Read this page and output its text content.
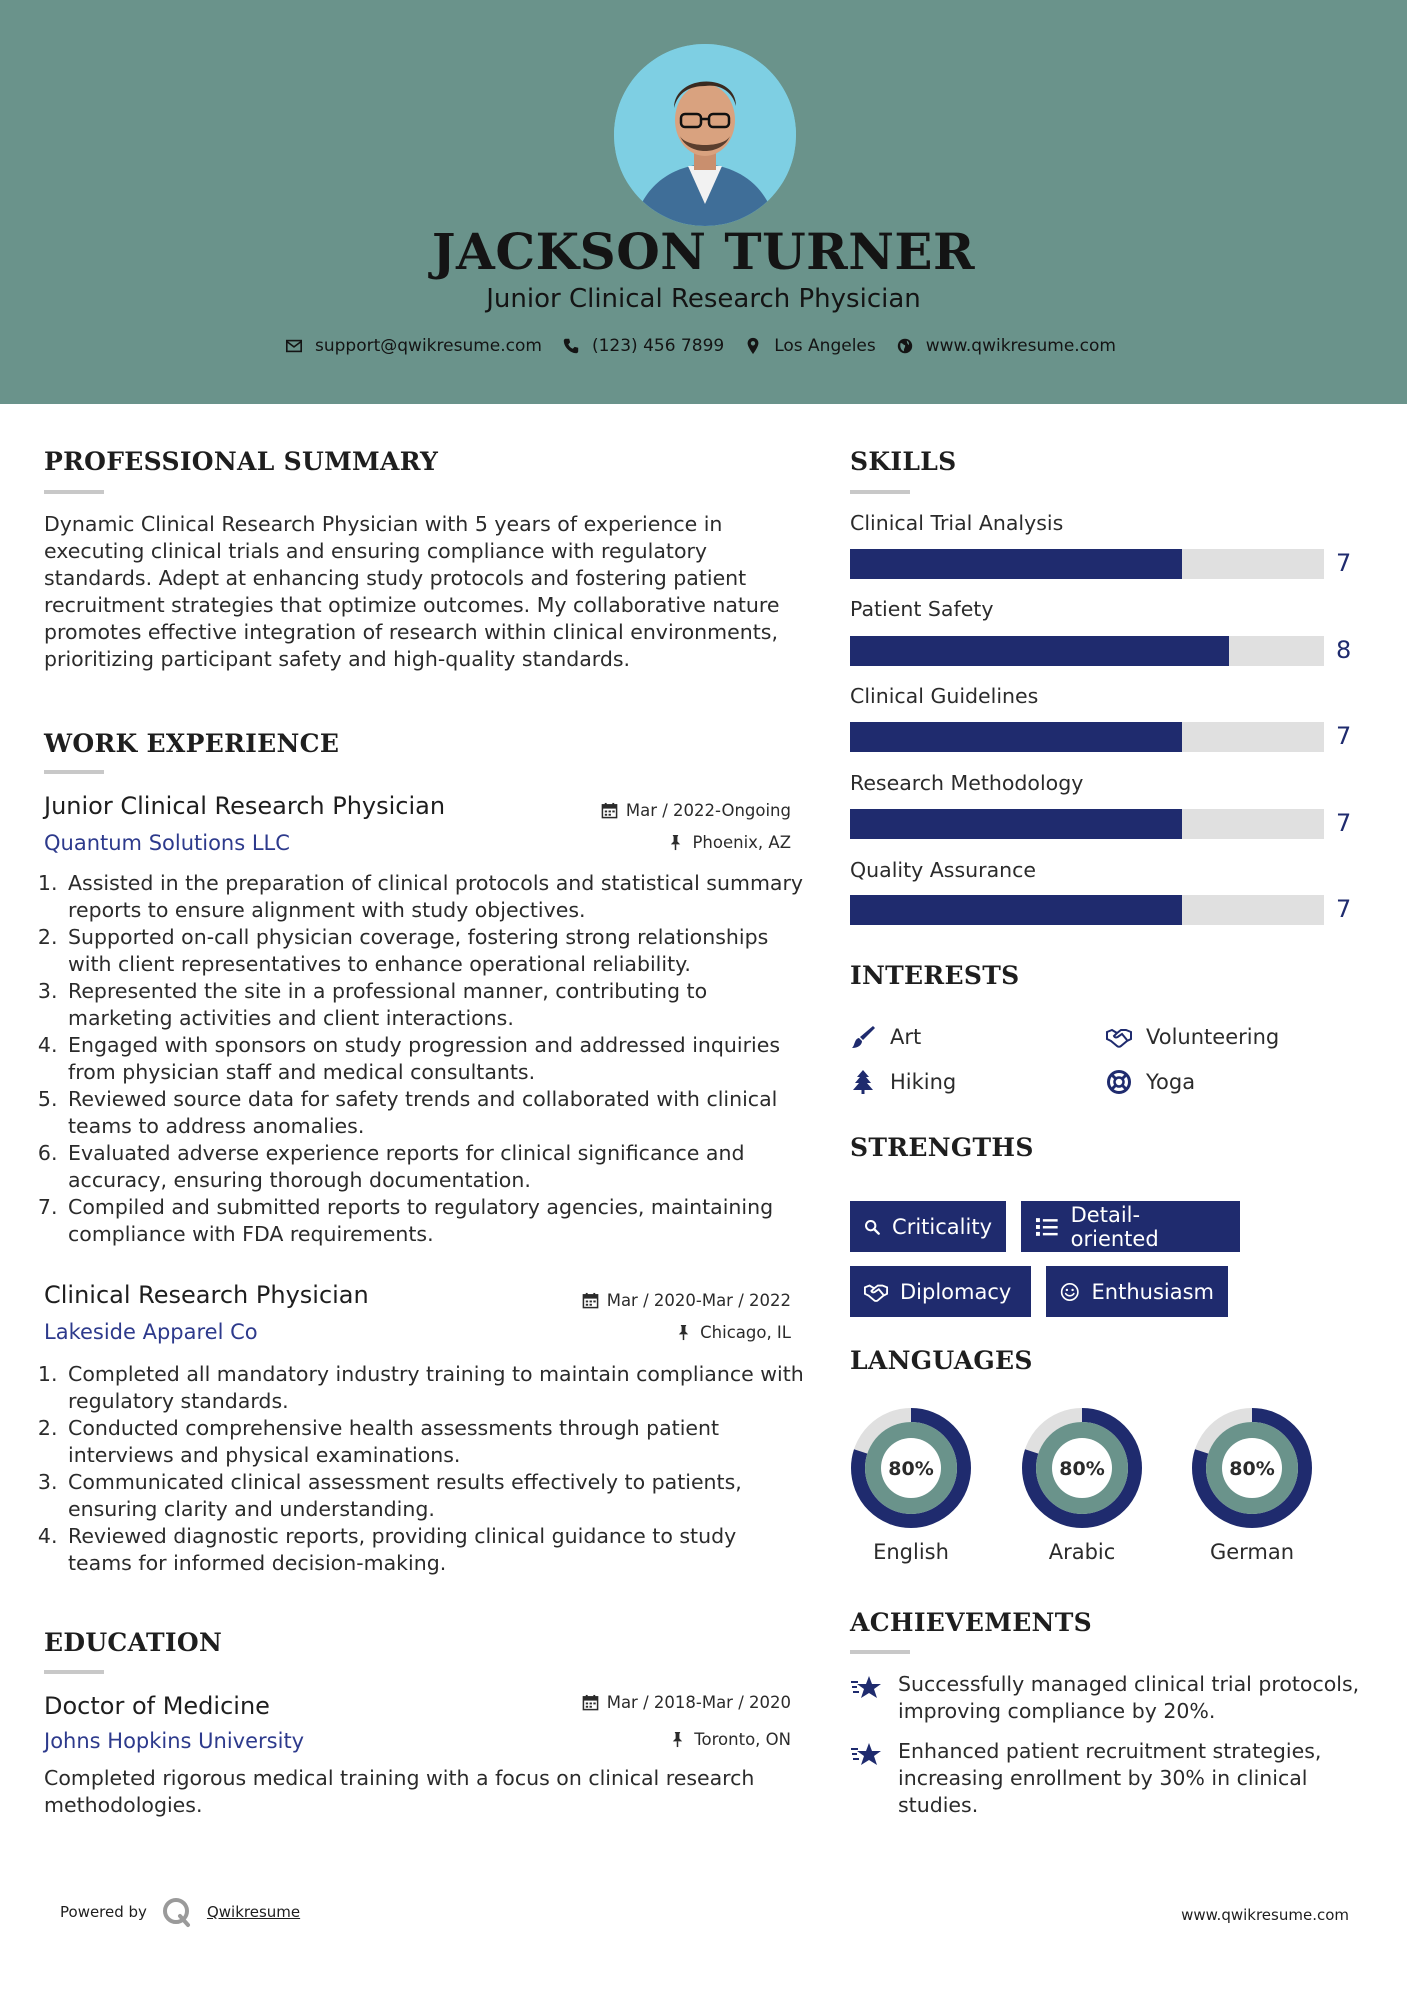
JACKSON TURNER
Junior Clinical Research Physician
support@qwikresume.com	(123) 456 7899	Los Angeles	www.qwikresume.com
PROFESSIONAL SUMMARY
Dynamic Clinical Research Physician with 5 years of experience in executing clinical trials and ensuring compliance with regulatory standards. Adept at enhancing study protocols and fostering patient recruitment strategies that optimize outcomes. My collaborative nature promotes effective integration of research within clinical environments, prioritizing participant safety and high-quality standards.
WORK EXPERIENCE
Junior Clinical Research Physician	Mar / 2022-Ongoing
Quantum Solutions LLC	Phoenix, AZ
1. Assisted in the preparation of clinical protocols and statistical summary reports to ensure alignment with study objectives.
2. Supported on-call physician coverage, fostering strong relationships with client representatives to enhance operational reliability.
3. Represented the site in a professional manner, contributing to marketing activities and client interactions.
4. Engaged with sponsors on study progression and addressed inquiries from physician staff and medical consultants.
5. Reviewed source data for safety trends and collaborated with clinical teams to address anomalies.
6. Evaluated adverse experience reports for clinical significance and accuracy, ensuring thorough documentation.
7. Compiled and submitted reports to regulatory agencies, maintaining compliance with FDA requirements.
Clinical Research Physician	Mar / 2020-Mar / 2022
Lakeside Apparel Co	Chicago, IL
1. Completed all mandatory industry training to maintain compliance with regulatory standards.
2. Conducted comprehensive health assessments through patient interviews and physical examinations.
3. Communicated clinical assessment results effectively to patients, ensuring clarity and understanding.
4. Reviewed diagnostic reports, providing clinical guidance to study teams for informed decision-making.
EDUCATION
Doctor of Medicine	Mar / 2018-Mar / 2020
Johns Hopkins University	Toronto, ON
Completed rigorous medical training with a focus on clinical research methodologies.
SKILLS
Clinical Trial Analysis
7
Patient Safety
8
Clinical Guidelines
7
Research Methodology
7
Quality Assurance
7
INTERESTS
Art	Volunteering
Hiking	Yoga
STRENGTHS
Criticality	Detail-oriented
Diplomacy	Enthusiasm
LANGUAGES
80%
English
80%
Arabic
80%
German
ACHIEVEMENTS
Successfully managed clinical trial protocols, improving compliance by 20%.
Enhanced patient recruitment strategies, increasing enrollment by 30% in clinical studies.
Powered by	Qwikresume	www.qwikresume.com
